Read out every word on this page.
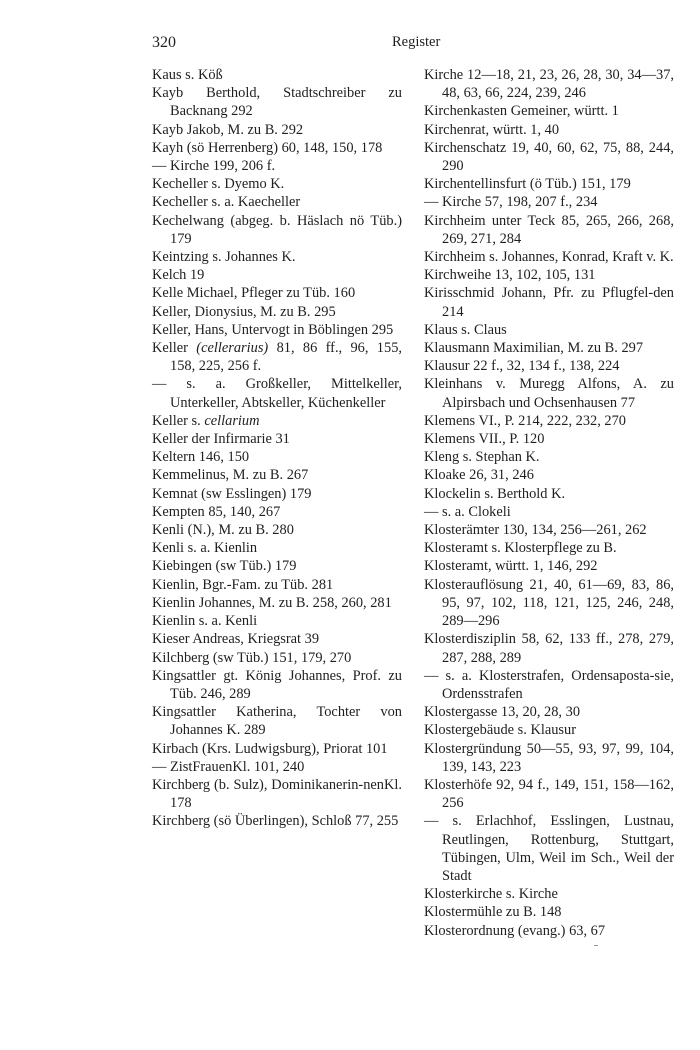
320	Register
Kaus s. Köß
Kayb Berthold, Stadtschreiber zu Backnang 292
Kayb Jakob, M. zu B. 292
Kayh (sö Herrenberg) 60, 148, 150, 178
— Kirche 199, 206 f.
Kecheller s. Dyemo K.
Kecheller s. a. Kaecheller
Kechelwang (abgeg. b. Häslach nö Tüb.) 179
Keintzing s. Johannes K.
Kelch 19
Kelle Michael, Pfleger zu Tüb. 160
Keller, Dionysius, M. zu B. 295
Keller, Hans, Untervogt in Böblingen 295
Keller (cellerarius) 81, 86 ff., 96, 155, 158, 225, 256 f.
— s. a. Großkeller, Mittelkeller, Unterkeller, Abtskeller, Küchenkeller
Keller s. cellarium
Keller der Infirmarie 31
Keltern 146, 150
Kemmelinus, M. zu B. 267
Kemnat (sw Esslingen) 179
Kempten 85, 140, 267
Kenli (N.), M. zu B. 280
Kenli s. a. Kienlin
Kiebingen (sw Tüb.) 179
Kienlin, Bgr.-Fam. zu Tüb. 281
Kienlin Johannes, M. zu B. 258, 260, 281
Kienlin s. a. Kenli
Kieser Andreas, Kriegsrat 39
Kilchberg (sw Tüb.) 151, 179, 270
Kingsattler gt. König Johannes, Prof. zu Tüb. 246, 289
Kingsattler Katherina, Tochter von Johannes K. 289
Kirbach (Krs. Ludwigsburg), Priorat 101
— ZistFrauenKl. 101, 240
Kirchberg (b. Sulz), Dominikanerin-nenKl. 178
Kirchberg (sö Überlingen), Schloß 77, 255
Kirche 12—18, 21, 23, 26, 28, 30, 34—37, 48, 63, 66, 224, 239, 246
Kirchenkasten Gemeiner, württ. 1
Kirchenrat, württ. 1, 40
Kirchenschatz 19, 40, 60, 62, 75, 88, 244, 290
Kirchentellinsfurt (ö Tüb.) 151, 179
— Kirche 57, 198, 207 f., 234
Kirchheim unter Teck 85, 265, 266, 268, 269, 271, 284
Kirchheim s. Johannes, Konrad, Kraft v. K.
Kirchweihe 13, 102, 105, 131
Kirisschmid Johann, Pfr. zu Pflugfel-den 214
Klaus s. Claus
Klausmann Maximilian, M. zu B. 297
Klausur 22 f., 32, 134 f., 138, 224
Kleinhans v. Muregg Alfons, A. zu Alpirsbach und Ochsenhausen 77
Klemens VI., P. 214, 222, 232, 270
Klemens VII., P. 120
Kleng s. Stephan K.
Kloake 26, 31, 246
Klockelin s. Berthold K.
— s. a. Clokeli
Klosterämter 130, 134, 256—261, 262
Klosteramt s. Klosterpflege zu B.
Klosteramt, württ. 1, 146, 292
Klosterauflösung 21, 40, 61—69, 83, 86, 95, 97, 102, 118, 121, 125, 246, 248, 289—296
Klosterdisziplin 58, 62, 133 ff., 278, 279, 287, 288, 289
— s. a. Klosterstrafen, Ordensaposta-sie, Ordensstrafen
Klostergasse 13, 20, 28, 30
Klostergebäude s. Klausur
Klostergründung 50—55, 93, 97, 99, 104, 139, 143, 223
Klosterhöfe 92, 94 f., 149, 151, 158—162, 256
— s. Erlachhof, Esslingen, Lustnau, Reutlingen, Rottenburg, Stuttgart, Tübingen, Ulm, Weil im Sch., Weil der Stadt
Klosterkirche s. Kirche
Klostermühle zu B. 148
Klosterordnung (evang.) 63, 67
